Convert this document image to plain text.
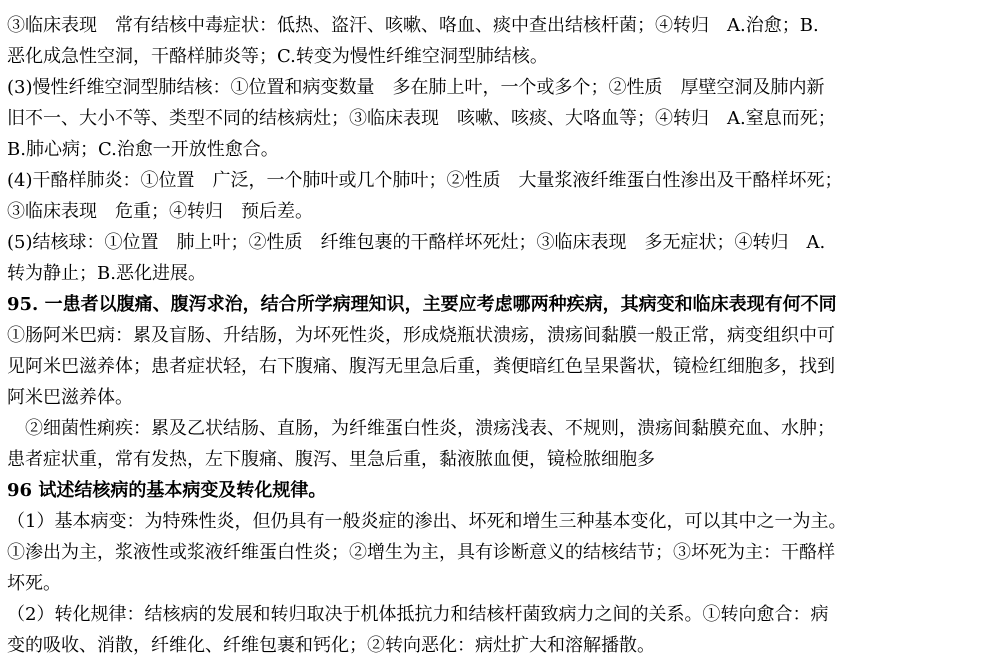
③临床表现　常有结核中毒症状：低热、盗汗、咳嗽、咯血、痰中查出结核杆菌；④转归　A.治愈；B.
恶化成急性空洞，干酪样肺炎等；C.转变为慢性纤维空洞型肺结核。
(3)慢性纤维空洞型肺结核：①位置和病变数量　多在肺上叶，一个或多个；②性质　厚壁空洞及肺内新
旧不一、大小不等、类型不同的结核病灶；③临床表现　咳嗽、咳痰、大咯血等；④转归　A.窒息而死；
B.肺心病；C.治愈一开放性愈合。
(4)干酪样肺炎：①位置　广泛，一个肺叶或几个肺叶；②性质　大量浆液纤维蛋白性渗出及干酪样坏死；
③临床表现　危重；④转归　预后差。
(5)结核球：①位置　肺上叶；②性质　纤维包裹的干酪样坏死灶；③临床表现　多无症状；④转归　A.
转为静止；B.恶化进展。
95. 一患者以腹痛、腹泻求治，结合所学病理知识，主要应考虑哪两种疾病，其病变和临床表现有何不同
①肠阿米巴病：累及盲肠、升结肠，为坏死性炎，形成烧瓶状溃疡，溃疡间黏膜一般正常，病变组织中可
见阿米巴滋养体；患者症状轻，右下腹痛、腹泻无里急后重，粪便暗红色呈果酱状，镜检红细胞多，找到
阿米巴滋养体。
　②细菌性痢疾：累及乙状结肠、直肠，为纤维蛋白性炎，溃疡浅表、不规则，溃疡间黏膜充血、水肿；
患者症状重，常有发热，左下腹痛、腹泻、里急后重，黏液脓血便，镜检脓细胞多
96 试述结核病的基本病变及转化规律。
（1）基本病变：为特殊性炎，但仍具有一般炎症的渗出、坏死和增生三种基本变化，可以其中之一为主。
①渗出为主，浆液性或浆液纤维蛋白性炎；②增生为主，具有诊断意义的结核结节；③坏死为主：干酪样
坏死。
（2）转化规律：结核病的发展和转归取决于机体抵抗力和结核杆菌致病力之间的关系。①转向愈合：病
变的吸收、消散，纤维化、纤维包裹和钙化；②转向恶化：病灶扩大和溶解播散。
